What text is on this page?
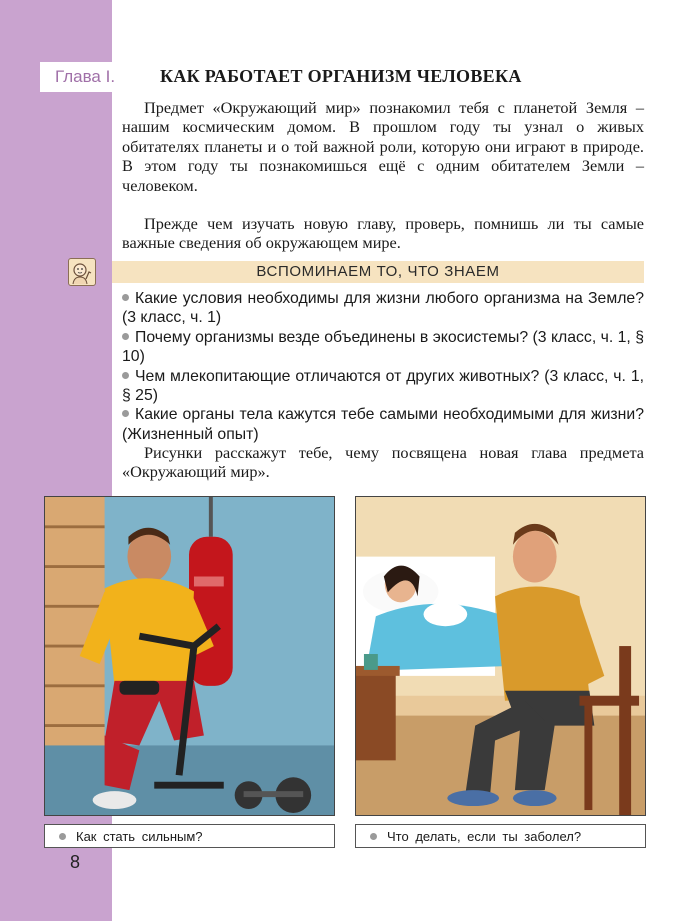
Глава I.	КАК РАБОТАЕТ ОРГАНИЗМ ЧЕЛОВЕКА

Предмет «Окружающий мир» познакомил тебя с планетой Земля – нашим космическим домом. В прошлом году ты узнал о живых обитателях планеты и о той важной роли, которую они играют в природе. В этом году ты познакомишься ещё с одним обитателем Земли – человеком.

Прежде чем изучать новую главу, проверь, помнишь ли ты самые важные сведения об окружающем мире.

ВСПОМИНАЕМ ТО, ЧТО ЗНАЕМ
Какие условия необходимы для жизни любого организма на Земле? (3 класс, ч. 1)
Почему организмы везде объединены в экосистемы? (3 класс, ч. 1, § 10)
Чем млекопитающие отличаются от других животных? (3 класс, ч. 1, § 25)
Какие органы тела кажутся тебе самыми необходимыми для жизни? (Жизненный опыт)

Рисунки расскажут тебе, чему посвящена новая глава предмета «Окружающий мир».

Как стать сильным?	Что делать, если ты заболел?
8
